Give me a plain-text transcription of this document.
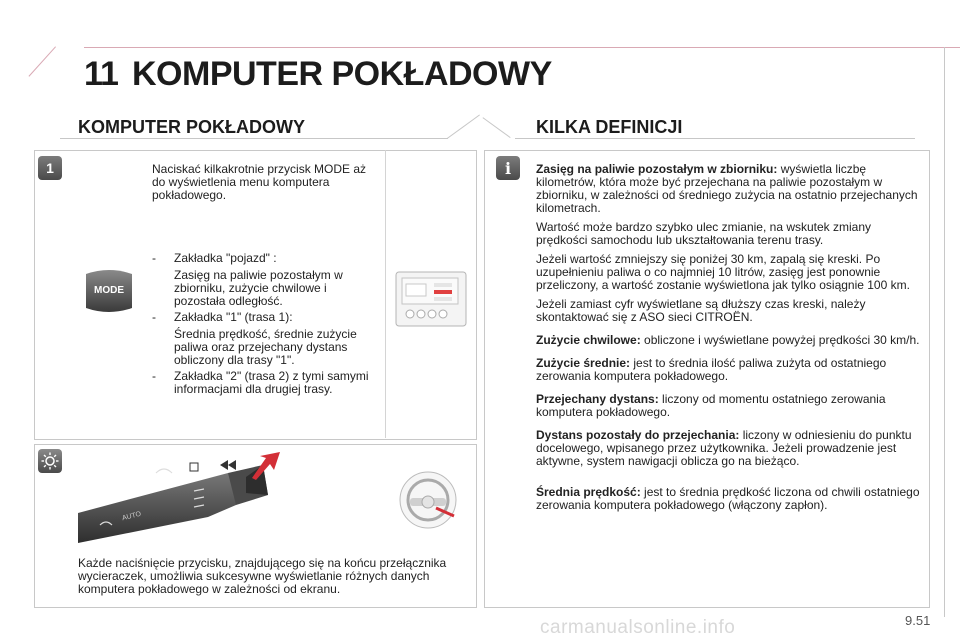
11 KOMPUTER POKŁADOWY
KOMPUTER POKŁADOWY
1	Naciskać kilkakrotnie przycisk MODE aż do wyświetlenia menu komputera pokładowego.
MODE
- Zakładka "pojazd" :
Zasięg na paliwie pozostałym w zbiorniku, zużycie chwilowe i pozostała odległość.
- Zakładka "1" (trasa 1):
Średnia prędkość, średnie zużycie paliwa oraz przejechany dystans obliczony dla trasy "1".
- Zakładka "2" (trasa 2) z tymi samymi informacjami dla drugiej trasy.
AUTO
Każde naciśnięcie przycisku, znajdującego się na końcu przełącznika wycieraczek, umożliwia sukcesywne wyświetlanie różnych danych komputera pokładowego w zależności od ekranu.
KILKA DEFINICJI
i	Zasięg na paliwie pozostałym w zbiorniku: wyświetla liczbę kilometrów, która może być przejechana na paliwie pozostałym w zbiorniku, w zależności od średniego zużycia na ostatnio przejechanych kilometrach.

Wartość może bardzo szybko ulec zmianie, na wskutek zmiany prędkości samochodu lub ukształtowania terenu trasy.

Jeżeli wartość zmniejszy się poniżej 30 km, zapalą się kreski. Po uzupełnieniu paliwa o co najmniej 10 litrów, zasięg jest ponownie przeliczony, a wartość zostanie wyświetlona jak tylko osiągnie 100 km.

Jeżeli zamiast cyfr wyświetlane są dłuższy czas kreski, należy skontaktować się z ASO sieci CITROËN.

Zużycie chwilowe: obliczone i wyświetlane powyżej prędkości 30 km/h.

Zużycie średnie: jest to średnia ilość paliwa zużyta od ostatniego zerowania komputera pokładowego.

Przejechany dystans: liczony od momentu ostatniego zerowania komputera pokładowego.

Dystans pozostały do przejechania: liczony w odniesieniu do punktu docelowego, wpisanego przez użytkownika. Jeżeli prowadzenie jest aktywne, system nawigacji oblicza go na bieżąco.

Średnia prędkość: jest to średnia prędkość liczona od chwili ostatniego zerowania komputera pokładowego (włączony zapłon).

carmanualsonline.info	9.51
